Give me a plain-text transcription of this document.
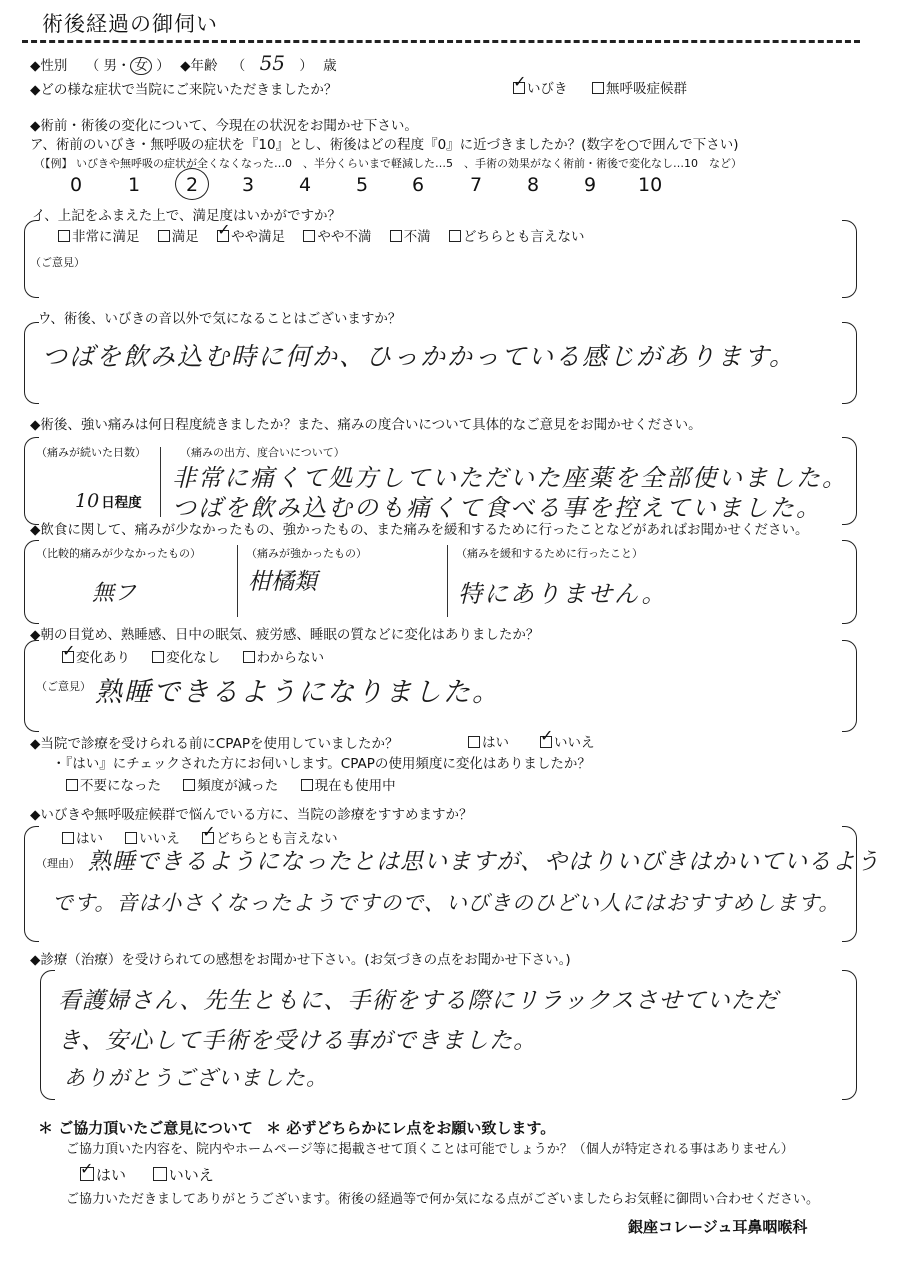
術後経過の御伺い
◆性別 （ 男・ 女 ） ◆年齢 （ 55 ） 歳
◆どの様な症状で当院にご来院いただきましたか？	✓ いびき	無呼吸症候群
◆術前・術後の変化について、今現在の状況をお聞かせ下さい。
ア、術前のいびき・無呼吸の症状を『10』とし、術後はどの程度『0』に近づきましたか？(数字を○で囲んで下さい)
（【例】 いびきや無呼吸の症状が全くなくなった…0　、半分くらいまで軽減した…5　、手術の効果がなく術前・術後で変化なし…10　など）
0 1 2 3 4 5 6 7 8 9 10
イ、上記をふまえた上で、満足度はいかがですか？
非常に満足 満足 ✓ やや満足 やや不満 不満 どちらとも言えない
（ご意見）
ウ、術後、いびきの音以外で気になることはございますか？
つばを飲み込む時に何か、ひっかかっている感じがあります。
◆術後、強い痛みは何日程度続きましたか？また、痛みの度合いについて具体的なご意見をお聞かせください。
（痛みが続いた日数）
10 日程度
（痛みの出方、度合いについて）
非常に痛くて処方していただいた座薬を全部使いました。
つばを飲み込むのも痛くて食べる事を控えていました。
◆飲食に関して、痛みが少なかったもの、強かったもの、また痛みを緩和するために行ったことなどがあればお聞かせください。
（比較的痛みが少なかったもの）
無フ
（痛みが強かったもの）
柑橘類
（痛みを緩和するために行ったこと）
特にありません。
◆朝の目覚め、熟睡感、日中の眠気、疲労感、睡眠の質などに変化はありましたか？
✓ 変化あり	変化なし	わからない
（ご意見） 熟睡できるようになりました。
◆当院で診療を受けられる前にCPAPを使用していましたか？	はい ✓ いいえ
・『はい』にチェックされた方にお伺いします。CPAPの使用頻度に変化はありましたか？
不要になった	頻度が減った	現在も使用中
◆いびきや無呼吸症候群で悩んでいる方に、当院の診療をすすめますか？
はい	いいえ ✓ どちらとも言えない
（理由） 熟睡できるようになったとは思いますが、やはりいびきはかいているよう
です。音は小さくなったようですので、いびきのひどい人にはおすすめします。
◆診療（治療）を受けられての感想をお聞かせ下さい。(お気づきの点をお聞かせ下さい。)
看護婦さん、先生ともに、手術をする際にリラックスさせていただ
き、安心して手術を受ける事ができました。
ありがとうございました。
＊ ご協力頂いたご意見について ＊ 必ずどちらかにレ点をお願い致します。
ご協力頂いた内容を、院内やホームページ等に掲載させて頂くことは可能でしょうか？（個人が特定される事はありません）
✓ はい	いいえ
ご協力いただきましてありがとうございます。術後の経過等で何か気になる点がございましたらお気軽に御問い合わせください。
銀座コレージュ耳鼻咽喉科
